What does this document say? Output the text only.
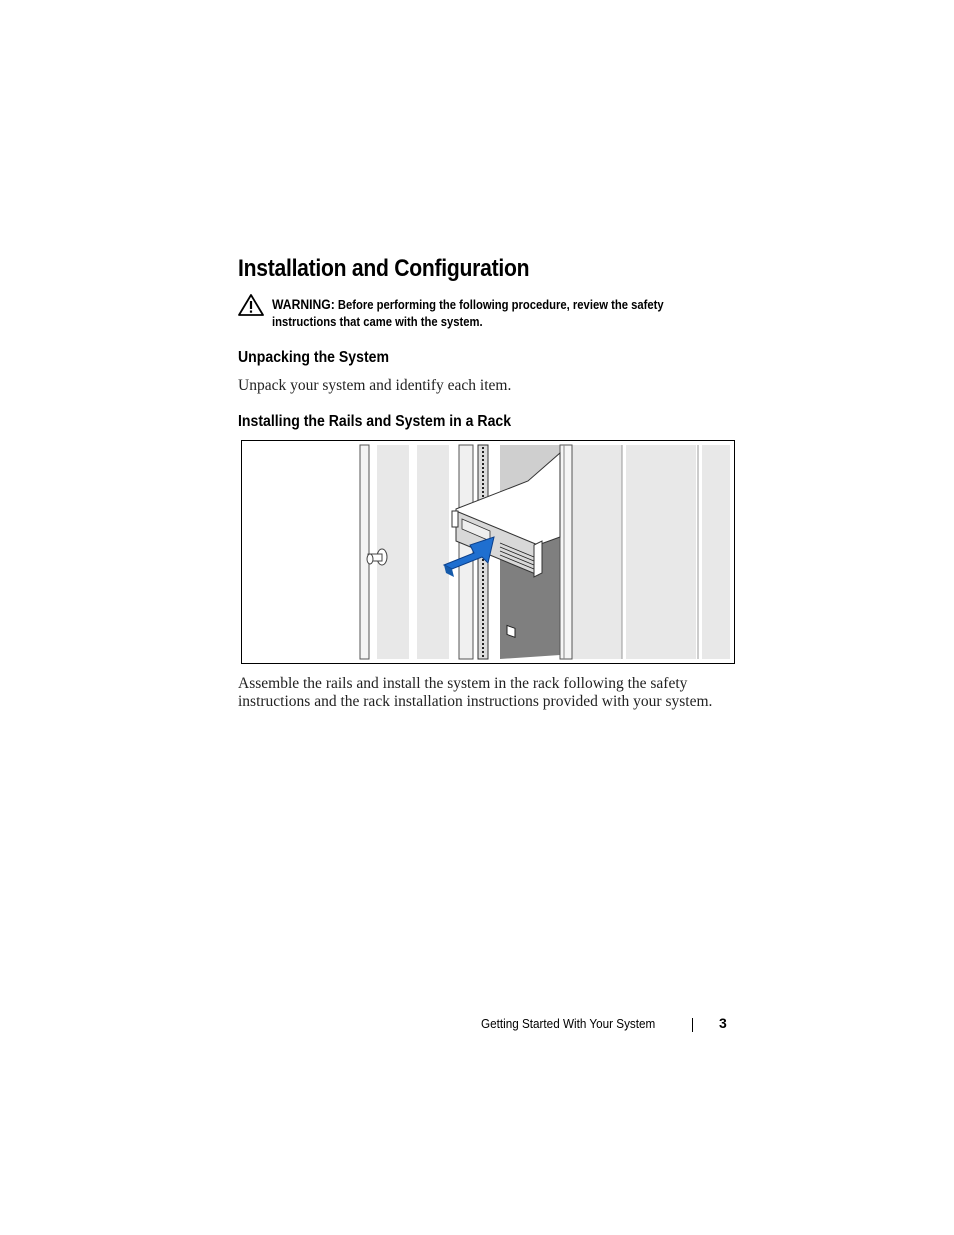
Installation and Configuration
WARNING: Before performing the following procedure, review the safety instructions that came with the system.
Unpacking the System
Unpack your system and identify each item.
Installing the Rails and System in a Rack
Assemble the rails and install the system in the rack following the safety instructions and the rack installation instructions provided with your system.
Getting Started With Your System	3
